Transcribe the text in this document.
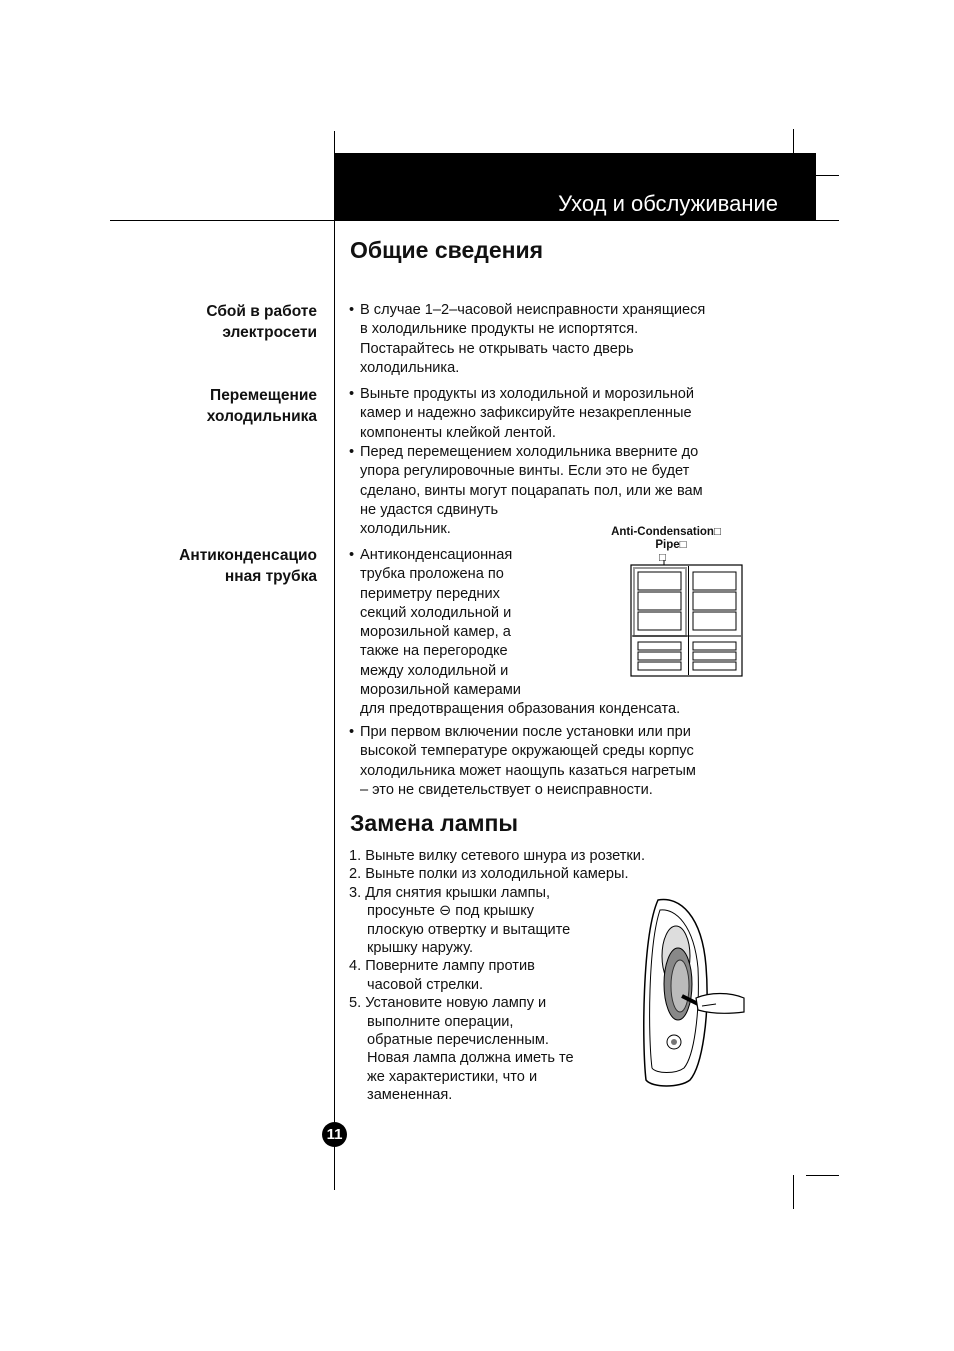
Уход и обслуживание
Общие сведения
Сбой в работе
электросети
• В случае 1–2–часовой неисправности хранящиеся
в холодильнике продукты не испортятся.
Постарайтесь не открывать часто дверь
холодильника.
Перемещение
холодильника
• Выньте продукты из холодильной и морозильной
камер и надежно зафиксируйте незакрепленные
компоненты клейкой лентой.
• Перед перемещением холодильника вверните до
упора регулировочные винты. Если это не будет
сделано, винты могут поцарапать пол, или же вам
не удастся сдвинуть
холодильник.
Антиконденсацио
нная трубка
• Антиконденсационная
трубка проложена по
периметру передних
секций холодильной и
морозильной камер, а
также на перегородке
между холодильной и
морозильной камерами
для предотвращения образования конденсата.
• При первом включении после установки или при
высокой температуре окружающей среды корпус
холодильника может наощупь казаться нагретым
– это не свидетельствует о неисправности.
Anti-Condensation□
Pipe□
□
Замена лампы
1. Выньте вилку сетевого шнура из розетки.
2. Выньте полки из холодильной камеры.
3. Для снятия крышки лампы,
просуньте ⊖ под крышку
плоскую отвертку и вытащите
крышку наружу.
4. Поверните лампу против
часовой стрелки.
5. Установите новую лампу и
выполните операции,
обратные перечисленным.
Новая лампа должна иметь те
же характеристики, что и
замененная.
11
